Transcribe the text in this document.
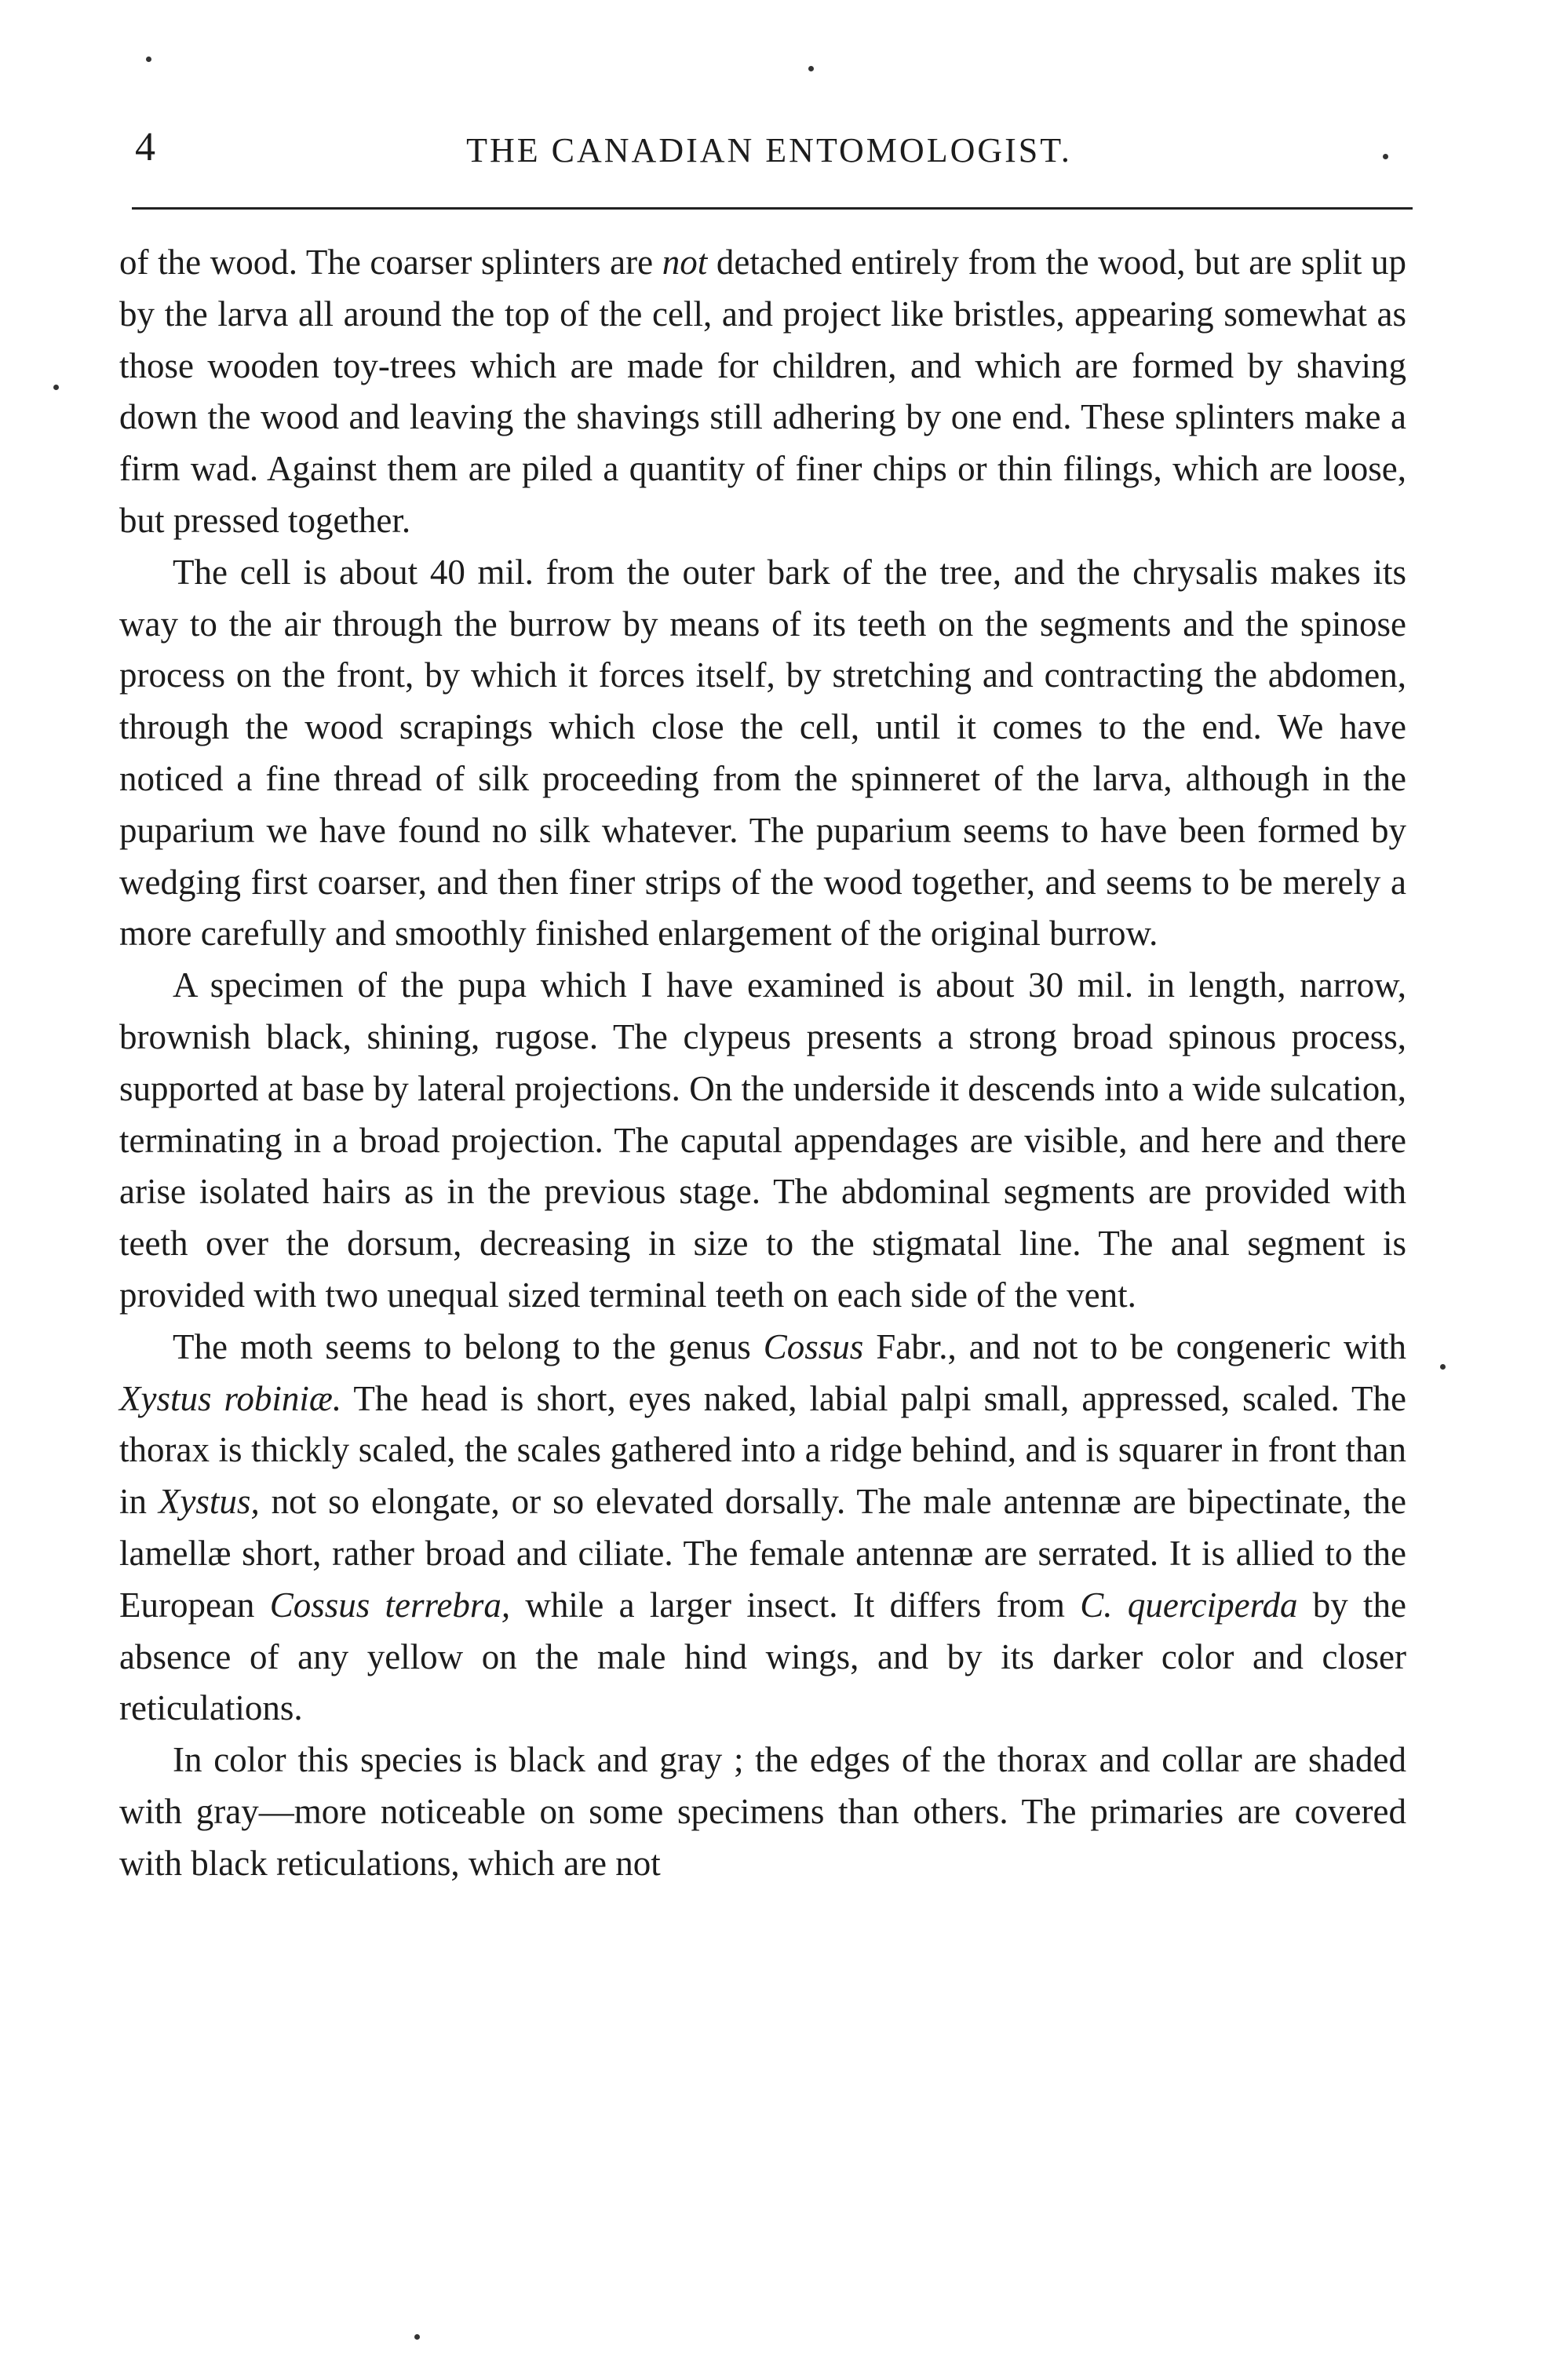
4	THE CANADIAN ENTOMOLOGIST.

of the wood. The coarser splinters are not detached entirely from the wood, but are split up by the larva all around the top of the cell, and project like bristles, appearing somewhat as those wooden toy-trees which are made for children, and which are formed by shaving down the wood and leaving the shavings still adhering by one end. These splinters make a firm wad. Against them are piled a quantity of finer chips or thin filings, which are loose, but pressed together.

The cell is about 40 mil. from the outer bark of the tree, and the chrysalis makes its way to the air through the burrow by means of its teeth on the segments and the spinose process on the front, by which it forces itself, by stretching and contracting the abdomen, through the wood scrapings which close the cell, until it comes to the end. We have noticed a fine thread of silk proceeding from the spinneret of the larva, although in the puparium we have found no silk whatever. The puparium seems to have been formed by wedging first coarser, and then finer strips of the wood together, and seems to be merely a more carefully and smoothly finished enlargement of the original burrow.

A specimen of the pupa which I have examined is about 30 mil. in length, narrow, brownish black, shining, rugose. The clypeus presents a strong broad spinous process, supported at base by lateral projections. On the underside it descends into a wide sulcation, terminating in a broad projection. The caputal appendages are visible, and here and there arise isolated hairs as in the previous stage. The abdominal segments are provided with teeth over the dorsum, decreasing in size to the stigmatal line. The anal segment is provided with two unequal sized terminal teeth on each side of the vent.

The moth seems to belong to the genus Cossus Fabr., and not to be congeneric with Xystus robiniæ. The head is short, eyes naked, labial palpi small, appressed, scaled. The thorax is thickly scaled, the scales gathered into a ridge behind, and is squarer in front than in Xystus, not so elongate, or so elevated dorsally. The male antennæ are bipectinate, the lamellæ short, rather broad and ciliate. The female antennæ are serrated. It is allied to the European Cossus terrebra, while a larger insect. It differs from C. querciperda by the absence of any yellow on the male hind wings, and by its darker color and closer reticulations.

In color this species is black and gray ; the edges of the thorax and collar are shaded with gray—more noticeable on some specimens than others. The primaries are covered with black reticulations, which are not
